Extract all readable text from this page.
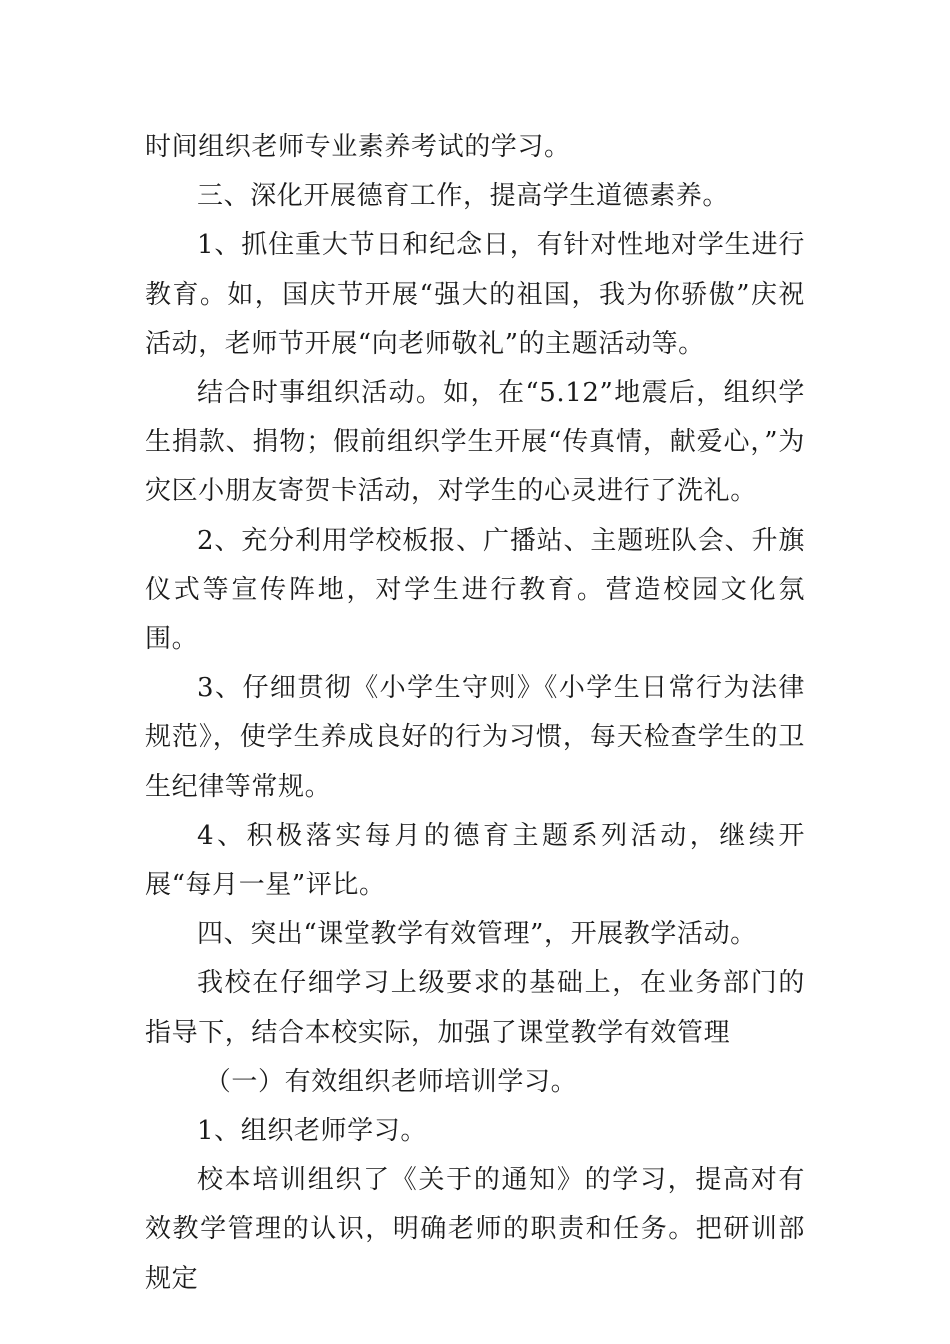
时间组织老师专业素养考试的学习。

三、深化开展德育工作，提高学生道德素养。

1、抓住重大节日和纪念日，有针对性地对学生进行教育。如，国庆节开展“强大的祖国，我为你骄傲”庆祝活动，老师节开展“向老师敬礼”的主题活动等。

结合时事组织活动。如，在“5.12”地震后，组织学生捐款、捐物；假前组织学生开展“传真情，献爱心，”为灾区小朋友寄贺卡活动，对学生的心灵进行了洗礼。

2、充分利用学校板报、广播站、主题班队会、升旗仪式等宣传阵地，对学生进行教育。营造校园文化氛围。

3、仔细贯彻《小学生守则》《小学生日常行为法律规范》，使学生养成良好的行为习惯，每天检查学生的卫生纪律等常规。

4、积极落实每月的德育主题系列活动，继续开展“每月一星”评比。

四、突出“课堂教学有效管理”，开展教学活动。

我校在仔细学习上级要求的基础上，在业务部门的指导下，结合本校实际，加强了课堂教学有效管理

（一）有效组织老师培训学习。

1、组织老师学习。

校本培训组织了《关于的通知》的学习，提高对有效教学管理的认识，明确老师的职责和任务。把研训部规定
